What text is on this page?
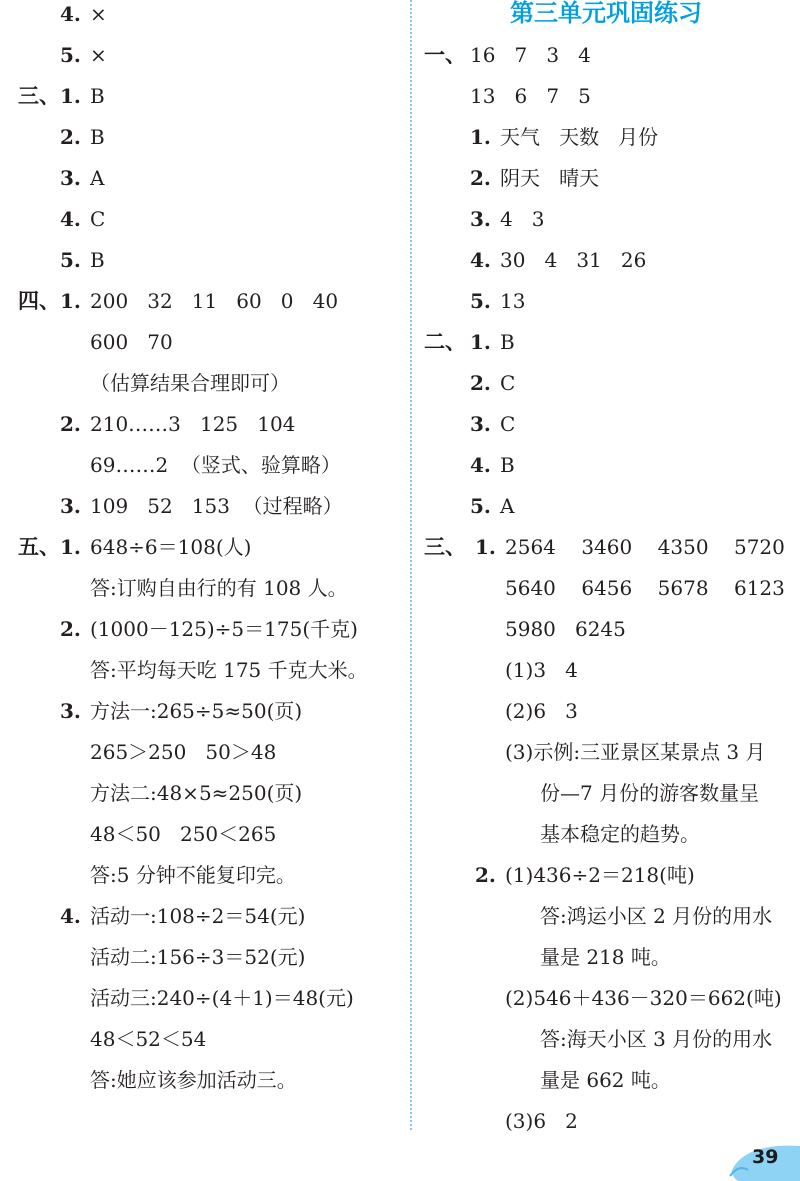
第三单元巩固练习
4. ×
5. ×
三、 1. B
2. B
3. A
4. C
5. B
四、 1. 200   32   11   60   0   40
600   70
（估算结果合理即可）
2. 210……3   125   104
69……2  （竖式、验算略）
3. 109   52   153  （过程略）
五、 1. 648÷6＝108(人)
答:订购自由行的有 108 人。
2. (1000－125)÷5＝175(千克)
答:平均每天吃 175 千克大米。
3. 方法一:265÷5≈50(页)
265＞250   50＞48
方法二:48×5≈250(页)
48＜50   250＜265
答:5 分钟不能复印完。
4. 活动一:108÷2＝54(元)
活动二:156÷3＝52(元)
活动三:240÷(4＋1)＝48(元)
48＜52＜54
答:她应该参加活动三。
一、 16   7   3   4
13   6   7   5
1. 天气   天数   月份
2. 阴天   晴天
3. 4   3
4. 30   4   31   26
5. 13
二、 1. B
2. C
3. C
4. B
5. A
三、 1. 2564    3460    4350    5720
5640    6456    5678    6123
5980   6245
(1)3   4
(2)6   3
(3)示例:三亚景区某景点 3 月
份—7 月份的游客数量呈
基本稳定的趋势。
2. (1)436÷2＝218(吨)
答:鸿运小区 2 月份的用水
量是 218 吨。
(2)546＋436－320＝662(吨)
答:海天小区 3 月份的用水
量是 662 吨。
(3)6   2
39
